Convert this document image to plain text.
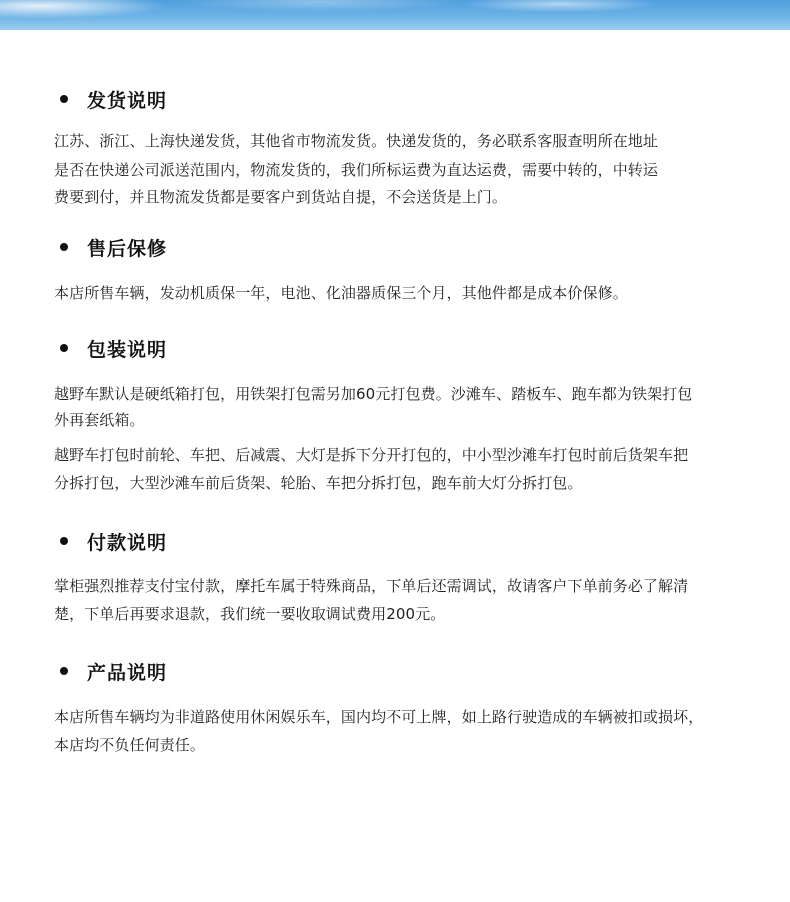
发货说明
江苏、浙江、上海快递发货，其他省市物流发货。快递发货的，务必联系客服查明所在地址
是否在快递公司派送范围内，物流发货的，我们所标运费为直达运费，需要中转的，中转运
费要到付，并且物流发货都是要客户到货站自提，不会送货是上门。
售后保修
本店所售车辆，发动机质保一年，电池、化油器质保三个月，其他件都是成本价保修。
包装说明
越野车默认是硬纸箱打包，用铁架打包需另加60元打包费。沙滩车、踏板车、跑车都为铁架打包
外再套纸箱。
越野车打包时前轮、车把、后减震、大灯是拆下分开打包的，中小型沙滩车打包时前后货架车把
分拆打包，大型沙滩车前后货架、轮胎、车把分拆打包，跑车前大灯分拆打包。
付款说明
掌柜强烈推荐支付宝付款，摩托车属于特殊商品，下单后还需调试，故请客户下单前务必了解清
楚，下单后再要求退款，我们统一要收取调试费用200元。
产品说明
本店所售车辆均为非道路使用休闲娱乐车，国内均不可上牌，如上路行驶造成的车辆被扣或损坏，
本店均不负任何责任。
